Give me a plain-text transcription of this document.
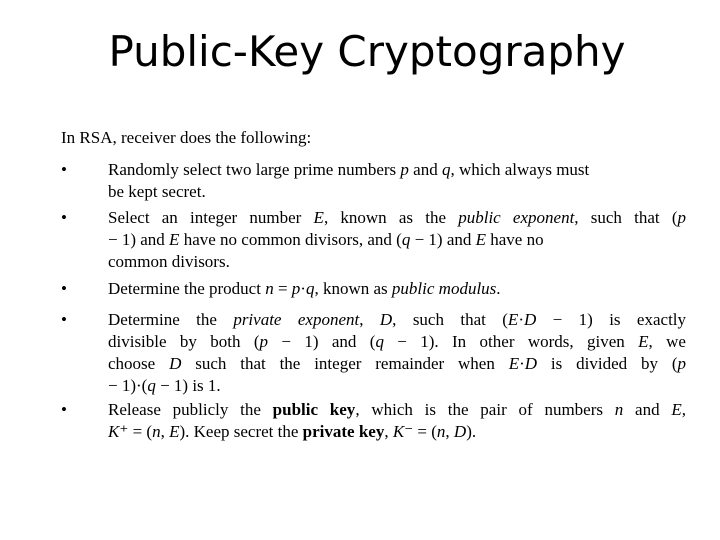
Public-Key Cryptography
In RSA, receiver does the following:
•	Randomly select two large prime numbers p and q, which always must
be kept secret.
•	Select an integer number E, known as the public exponent, such that (p
− 1) and E have no common divisors, and (q − 1) and E have no
common divisors.
•	Determine the product n = p·q, known as public modulus.
•	Determine the private exponent, D, such that (E·D − 1) is exactly
divisible by both (p − 1) and (q − 1). In other words, given E, we
choose D such that the integer remainder when E·D is divided by (p
− 1)·(q − 1) is 1.
•	Release publicly the public key, which is the pair of numbers n and E,
K⁺ = (n, E). Keep secret the private key, K⁻ = (n, D).
